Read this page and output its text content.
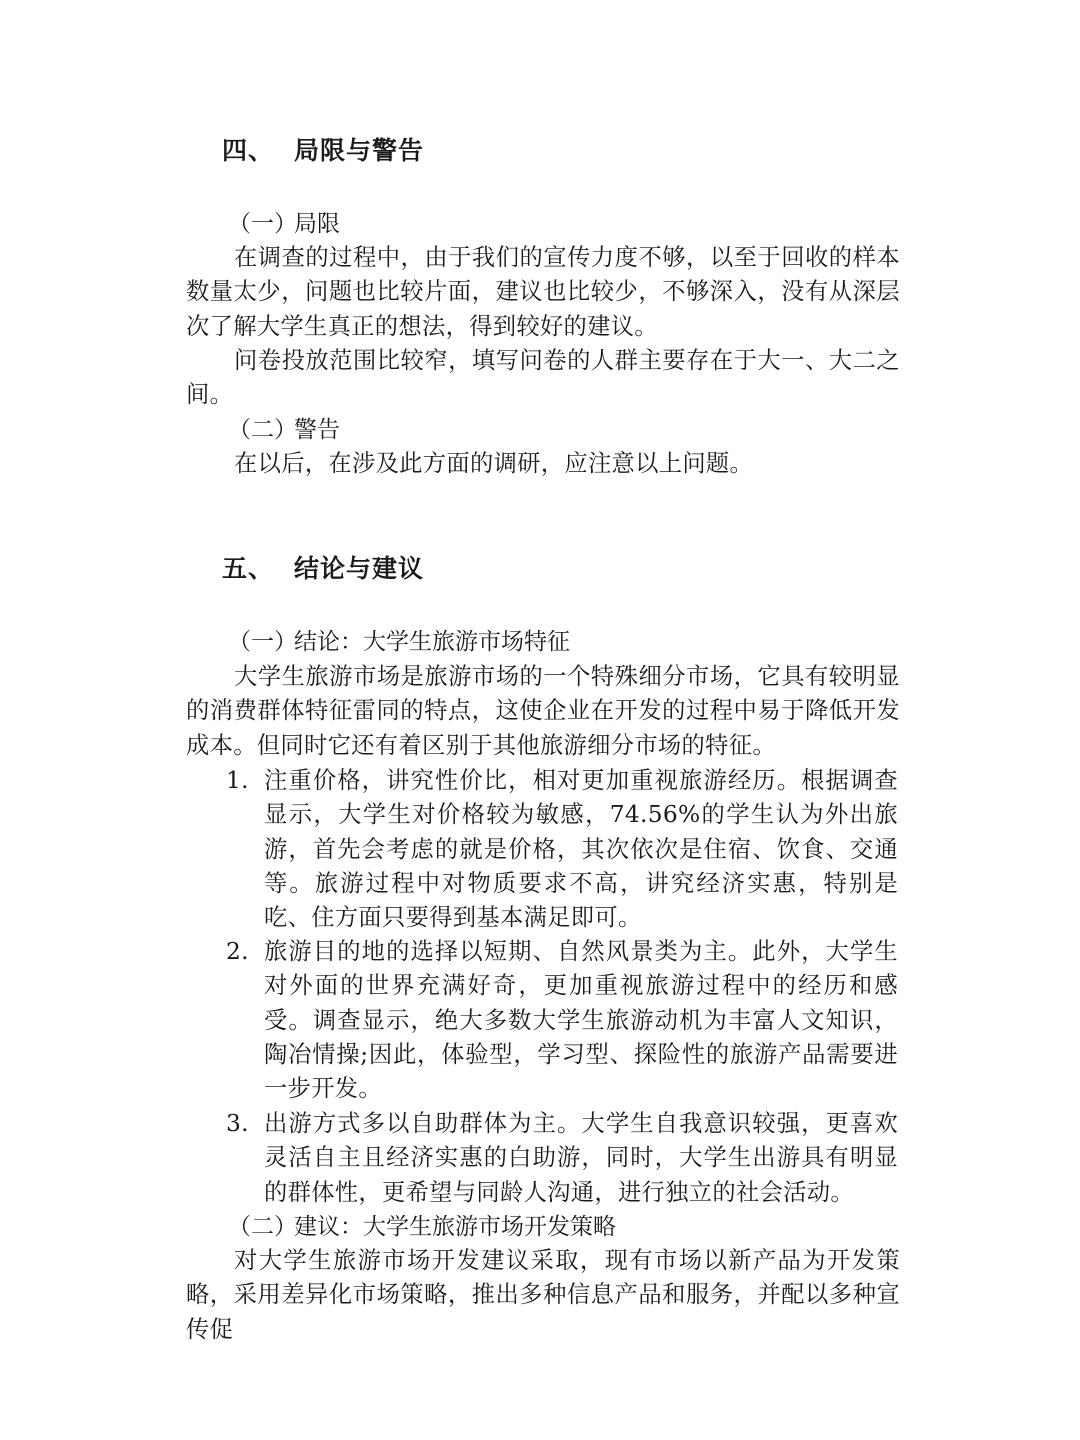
四、 局限与警告
（一）局限
在调查的过程中，由于我们的宣传力度不够，以至于回收的样本数量太少，问题也比较片面，建议也比较少，不够深入，没有从深层次了解大学生真正的想法，得到较好的建议。
问卷投放范围比较窄，填写问卷的人群主要存在于大一、大二之间。
（二）警告
在以后，在涉及此方面的调研，应注意以上问题。
五、 结论与建议
（一）结论：大学生旅游市场特征
大学生旅游市场是旅游市场的一个特殊细分市场，它具有较明显的消费群体特征雷同的特点，这使企业在开发的过程中易于降低开发成本。但同时它还有着区别于其他旅游细分市场的特征。
1. 注重价格，讲究性价比，相对更加重视旅游经历。根据调查显示，大学生对价格较为敏感，74.56%的学生认为外出旅游，首先会考虑的就是价格，其次依次是住宿、饮食、交通等。旅游过程中对物质要求不高，讲究经济实惠，特别是吃、住方面只要得到基本满足即可。
2. 旅游目的地的选择以短期、自然风景类为主。此外，大学生对外面的世界充满好奇，更加重视旅游过程中的经历和感受。调查显示，绝大多数大学生旅游动机为丰富人文知识，陶冶情操;因此，体验型，学习型、探险性的旅游产品需要进一步开发。
3. 出游方式多以自助群体为主。大学生自我意识较强，更喜欢灵活自主且经济实惠的白助游，同时，大学生出游具有明显的群体性，更希望与同龄人沟通，进行独立的社会活动。
（二）建议：大学生旅游市场开发策略
对大学生旅游市场开发建议采取，现有市场以新产品为开发策略，采用差异化市场策略，推出多种信息产品和服务，并配以多种宣传促
